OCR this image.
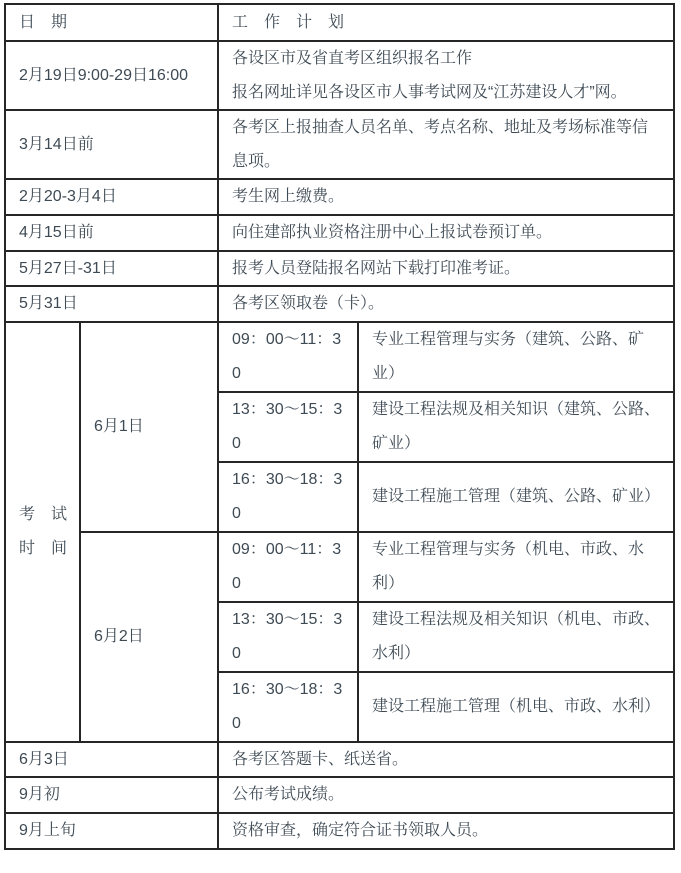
日　期		工　作　计　划	
2月19日9:00-29日16:00		各设区市及省直考区组织报名工作
报名网址详见各设区市人事考试网及“江苏建设人才”网。	

3月14日前		各考区上报抽查人员名单、考点名称、地址及考场标准等信息项。	
2月20-3月4日		考生网上缴费。	
4月15日前		向住建部执业资格注册中心上报试卷预订单。	
5月27日-31日		报考人员登陆报名网站下载打印准考证。	
5月31日		各考区领取卷（卡）。	

考　试
时　间	6月1日	09：00～11：30	专业工程管理与实务（建筑、公路、矿业）
		13：30～15：30	建设工程法规及相关知识（建筑、公路、矿业）
		16：30～18：30	建设工程施工管理（建筑、公路、矿业）
	6月2日	09：00～11：30	专业工程管理与实务（机电、市政、水利）
		13：30～15：30	建设工程法规及相关知识（机电、市政、水利）
		16：30～18：30	建设工程施工管理（机电、市政、水利）
6月3日		各考区答题卡、纸送省。	
9月初		公布考试成绩。	
9月上旬		资格审查，确定符合证书领取人员。	
